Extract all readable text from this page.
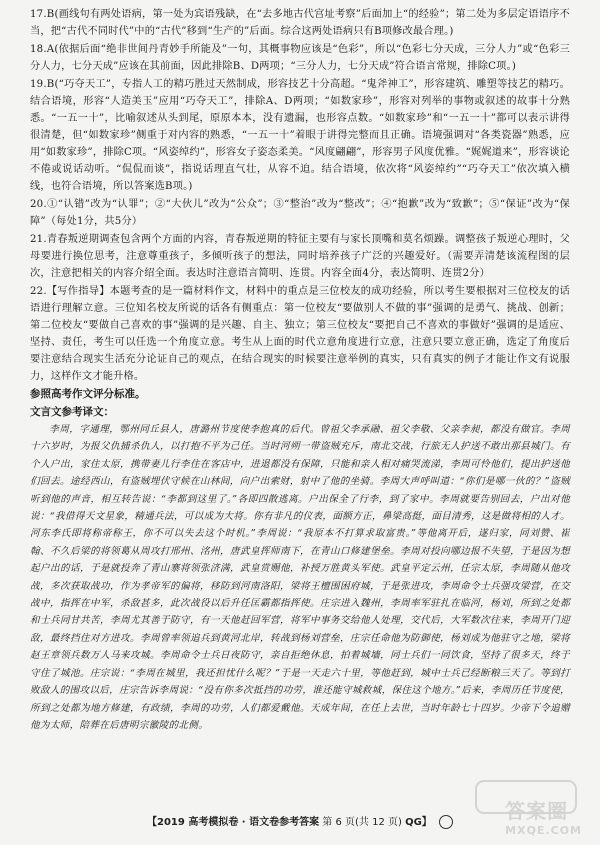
17.B(画线句有两处语病，第一处为宾语残缺，在“去多地古代宫址考察”后面加上“的经验”；第二处为多层定语语序不当，把“古代不同时代”中的“古代”移到“生产的”后面。综合这两处语病只有B项修改最合理。)

18.A(依据后面“绝非世间丹青妙手所能及”一句，其概事物应该是“色彩”，所以“色彩七分天成，三分人力”或“色彩三分人力，七分天成”应该在其前面，因此排除B、D两项；“三分人力，七分天成”符合语言常规，排除C项。)

19.B(“巧夺天工”，专指人工的精巧胜过天然制成，形容技艺十分高超。“鬼斧神工”，形容建筑、雕塑等技艺的精巧。结合语境，形容“人造美玉”应用“巧夺天工”，排除A、D两项；“如数家珍”，形容对列举的事物或叙述的故事十分熟悉。“一五一十”，比喻叙述从头到尾，原原本本，没有遗漏，也形容点数。“如数家珍”和“一五一十”都可以表示讲得很清楚，但“如数家珍”侧重于对内容的熟悉，“一五一十”着眼于讲得完整而且正确。语境强调对“各类瓷器”熟悉，应用“如数家珍”，排除C项。“风姿绰约”，形容女子姿态柔美。“风度翩翩”，形容男子风度优雅。“娓娓道来”，形容谈论不倦或说话动听。“侃侃而谈”，指说话理直气壮，从容不迫。结合语境，依次将“风姿绰约”“巧夺天工”依次填入横线，也符合语境，所以答案选B项。)

20.①“认错”改为“认罪”；②“大伙儿”改为“公众”；③“整治”改为“整改”；④“抱歉”改为“致歉”；⑤“保证”改为“保障”（每处1分，共5分）

21.青春叛逆期调查包含两个方面的内容，青春叛逆期的特征主要有与家长顶嘴和莫名烦躁。调整孩子叛逆心理时，父母要进行换位思考，注意尊重孩子，多倾听孩子的想法，同时培养孩子广泛的兴趣爱好。（需要弄清楚该流程图的层次，注意把相关的内容介绍全面。表达时注意语言简明、连贯。内容全面4分，表达简明、连贯2分）

22.【写作指导】本题考查的是一篇材料作文，材料中的重点是三位校友的成功经验，所以考生要根据对三位校友的话语进行理解立意。三位知名校友所说的话各有侧重点：第一位校友“要做别人不做的事”强调的是勇气、挑战、创新；第二位校友“要做自己喜欢的事”强调的是兴趣、自主、独立；第三位校友“要把自己不喜欢的事做好”强调的是适应、坚持、责任，考生可以任选一个角度立意。考生从上面的时代立意角度进行立意，注意只要立意正确，选定了角度后要注意结合现实生活充分论证自己的观点，在结合现实的时候要注意举例的真实，只有真实的例子才能让作文有说服力，这样作文才能升格。

参照高考作文评分标准。
文言文参考译文：

李周，字通理，鄂州同丘县人，唐潞州节度使李抱真的后代。曾祖父李承融、祖父李敬、父亲李昶，都没有做官。李周十六岁时，为报父仇捕杀仇人，以打抱不平为己任。当时河朔一带盗贼充斥，南北交战，行旅无人护送不敢出那县城门。有个人户出，家住太原，携带妻儿行李住在客店中，进退都没有保障，只能和亲人相对痛哭流涕，李周可怜他们，提出护送他们回去。途经西山，有盗贼埋伏守候在山林间，向户出索财，射中了他的坐骑。李周大声呼叫道：“你们是哪一伙的？”盗贼听到他的声音，相互转告说：“李都到这里了。”各即四散逃离。户出保全了行李，到了家中。李周就要告别回去，户出对他说：“我借得天文星象，精通兵法，可以成为大将。你有非凡的仪表，面额方正，鼻梁高挺，面目清秀，这是做将相的人才。河东李氏即将称帝称王，你不可以失去这个时机。”李周说：“我原本不打算求取富贵。”等他离开后，遂归家，同刘赞、崔翰、不久后梁的将领葛从周攻打邢州、洺州，唐武皇挥师南下，在青山口修建堡垒。李周对投向哪边报不失望，于是因为想起户出的话，于是就投奔了青山寨将领张济满，武皇赏赐他，补授万胜黄头军使。武皇平定云州，任宗太原，李周随从他攻战，多次获取战功，作为孝帝军的偏将，移防到河南洛阳，梁将王檀围困府城，于是张进攻，李周命令士兵强攻梁营，在交战中，指挥在中军，杀敌甚多，此次战役以后升任匡霸都指挥使。庄宗进入魏州，李周率军驻扎在临河，杨刘，所到之处都和士兵同甘共苦，李周尤其善于防守，有一天他赶回军营，将军中事务交给他人处理，交代后，大军数次往来，李周开门迎敌，最终挡住对方进攻。李周曾率领追兵到黄河北岸，转战到杨刘营垒，庄宗任命他为防御使，杨刘成为他驻守之地，梁将赵王章领兵数万人马来攻城。李周命令士兵日夜防守，亲自拒绝休息，拍着城墙，同士兵们一同饮食，坚持了很多天，终于守住了城池。庄宗说：“李周在城里，我还担忧什么呢？”于是一天走六十里，等他赶到，城中士兵已经断粮三天了。等到打败敌人的围攻以后，庄宗告诉李周说：“没有你多次抵挡的功劳，谁还能守城救城，保住这个地方。”后来，李周历任节度使，所到之处都为地方修建，有政绩，李周的功劳，人们都爱戴他。天成年间，在任上去世，当时年龄七十四岁。少帝下令追赠他为太师，陪葬在后唐明宗徽陵的北侧。

【2019 高考模拟卷 · 语文卷参考答案 第 6 页(共 12 页) QG】	答案圈
MXQE.COM
